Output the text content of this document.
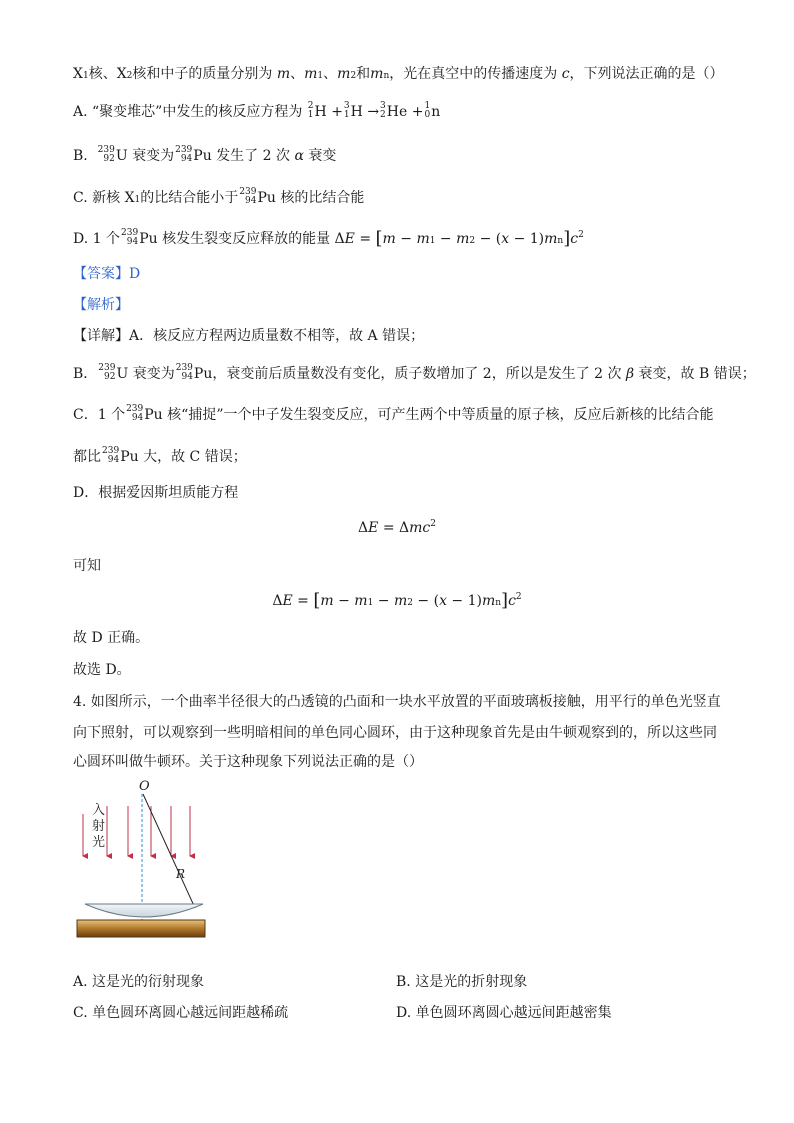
X1核、X2核和中子的质量分别为 m、m1、m2和mn，光在真空中的传播速度为 c，下列说法正确的是（）
A. “聚变堆芯”中发生的核反应方程为 2
1 H + 3
1 H → 3
2 He + 1
0 n
B. 239
92 U 衰变为 239
94 Pu 发生了 2 次 α 衰变
C. 新核 X1的比结合能小于 239
94 Pu 核的比结合能
D. 1 个 239
94 Pu 核发生裂变反应释放的能量 $\Delta E = [m - m1 - m2 - (x - 1)mn]c^2$
【答案】D
【解析】
【详解】A．核反应方程两边质量数不相等，故 A 错误；
B． 239
92 U 衰变为 239
94 Pu，衰变前后质量数没有变化，质子数增加了 2，所以是发生了 2 次 β 衰变，故 B 错误；
C．1 个 239
94 Pu 核“捕捉”一个中子发生裂变反应，可产生两个中等质量的原子核，反应后新核的比结合能
都比 239
94 Pu 大，故 C 错误；
D．根据爱因斯坦质能方程
ΔE = Δmc$^2$
可知
$\Delta E = [m - m1 - m2 - (x - 1)mn]c^2$
故 D 正确。
故选 D。
4. 如图所示，一个曲率半径很大的凸透镜的凸面和一块水平放置的平面玻璃板接触，用平行的单色光竖直
向下照射，可以观察到一些明暗相间的单色同心圆环，由于这种现象首先是由牛顿观察到的，所以这些同
心圆环叫做牛顿环。关于这种现象下列说法正确的是（）
O
入
射
光
R
A. 这是光的衍射现象	B. 这是光的折射现象
C. 单色圆环离圆心越远间距越稀疏	D. 单色圆环离圆心越远间距越密集
